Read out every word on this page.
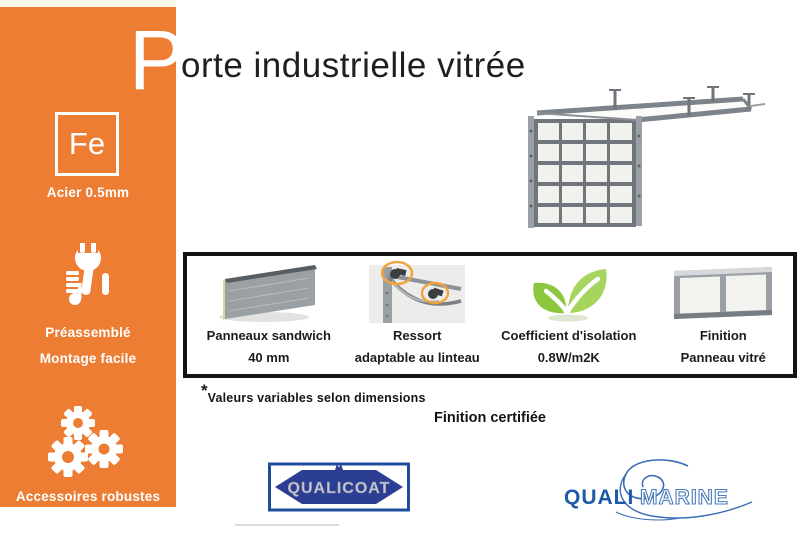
Fe
Acier 0.5mm
Préassemblé
Montage facile
Accessoires robustes
P
orte industrielle vitrée
Panneaux sandwich
40 mm
Ressort
adaptable au linteau
Coefficient d'isolation
0.8W/m2K
Finition
Panneau vitré
*Valeurs variables selon dimensions
Finition certifiée
QUALICOAT	QUALI MARINE
